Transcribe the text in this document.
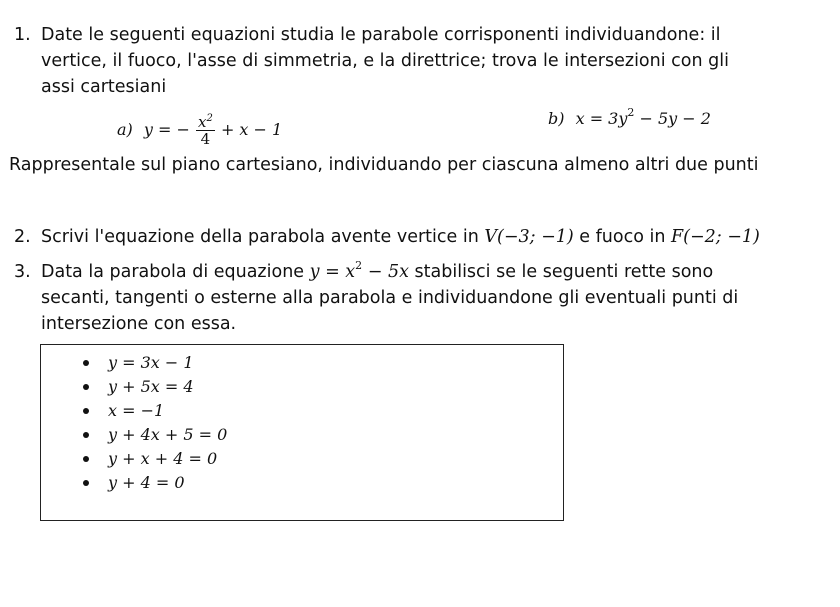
1. Date le seguenti equazioni studia le parabole corrisponenti individuandone: il
vertice, il fuoco, l'asse di simmetria, e la direttrice; trova le intersezioni con gli
assi cartesiani
a) y = − $\frac{x^2}{4} + x - 1$
b) $x = 3y^2 - 5y - 2$
Rappresentale sul piano cartesiano, individuando per ciascuna almeno altri due punti
2. Scrivi l'equazione della parabola avente vertice in V(−3; −1) e fuoco in F(−2; −1)
3. Data la parabola di equazione $y = x^2 - 5x$ stabilisci se le seguenti rette sono
secanti, tangenti o esterne alla parabola e individuandone gli eventuali punti di
intersezione con essa.
y = 3x − 1
y + 5x = 4
x = −1
y + 4x + 5 = 0
y + x + 4 = 0
y + 4 = 0
